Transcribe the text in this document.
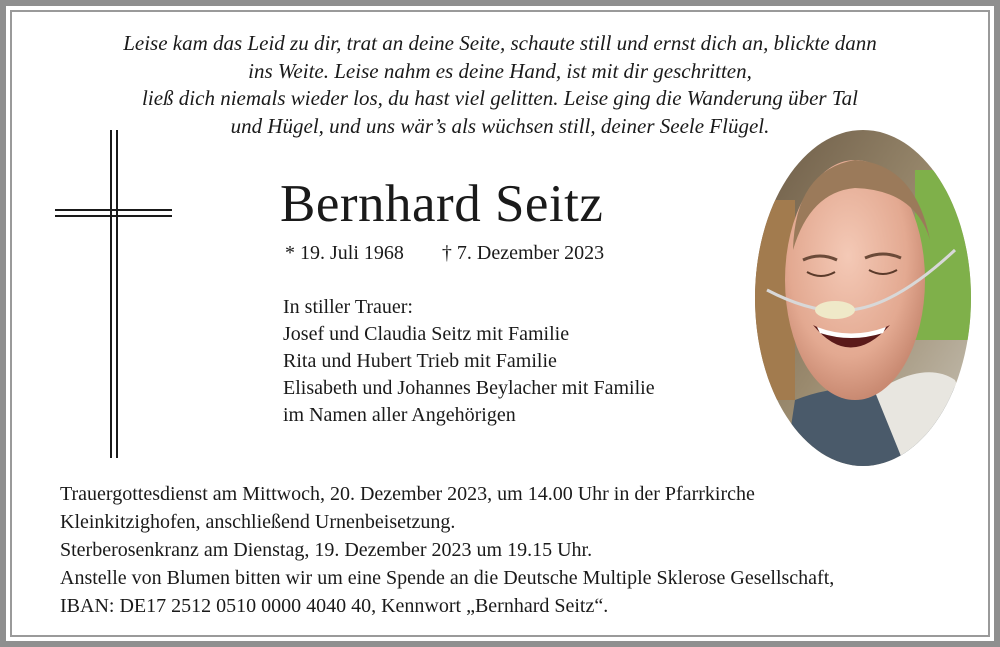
Leise kam das Leid zu dir, trat an deine Seite, schaute still und ernst dich an, blickte dann
ins Weite. Leise nahm es deine Hand, ist mit dir geschritten,
ließ dich niemals wieder los, du hast viel gelitten. Leise ging die Wanderung über Tal
und Hügel, und uns wär’s als wüchsen still, deiner Seele Flügel.
Bernhard Seitz
* 19. Juli 1968 † 7. Dezember 2023
In stiller Trauer:
Josef und Claudia Seitz mit Familie
Rita und Hubert Trieb mit Familie
Elisabeth und Johannes Beylacher mit Familie
im Namen aller Angehörigen
Trauergottesdienst am Mittwoch, 20. Dezember 2023, um 14.00 Uhr in der Pfarrkirche
Kleinkitzighofen, anschließend Urnenbeisetzung.
Sterberosenkranz am Dienstag, 19. Dezember 2023 um 19.15 Uhr.
Anstelle von Blumen bitten wir um eine Spende an die Deutsche Multiple Sklerose Gesellschaft,
IBAN: DE17 2512 0510 0000 4040 40, Kennwort „Bernhard Seitz“.
